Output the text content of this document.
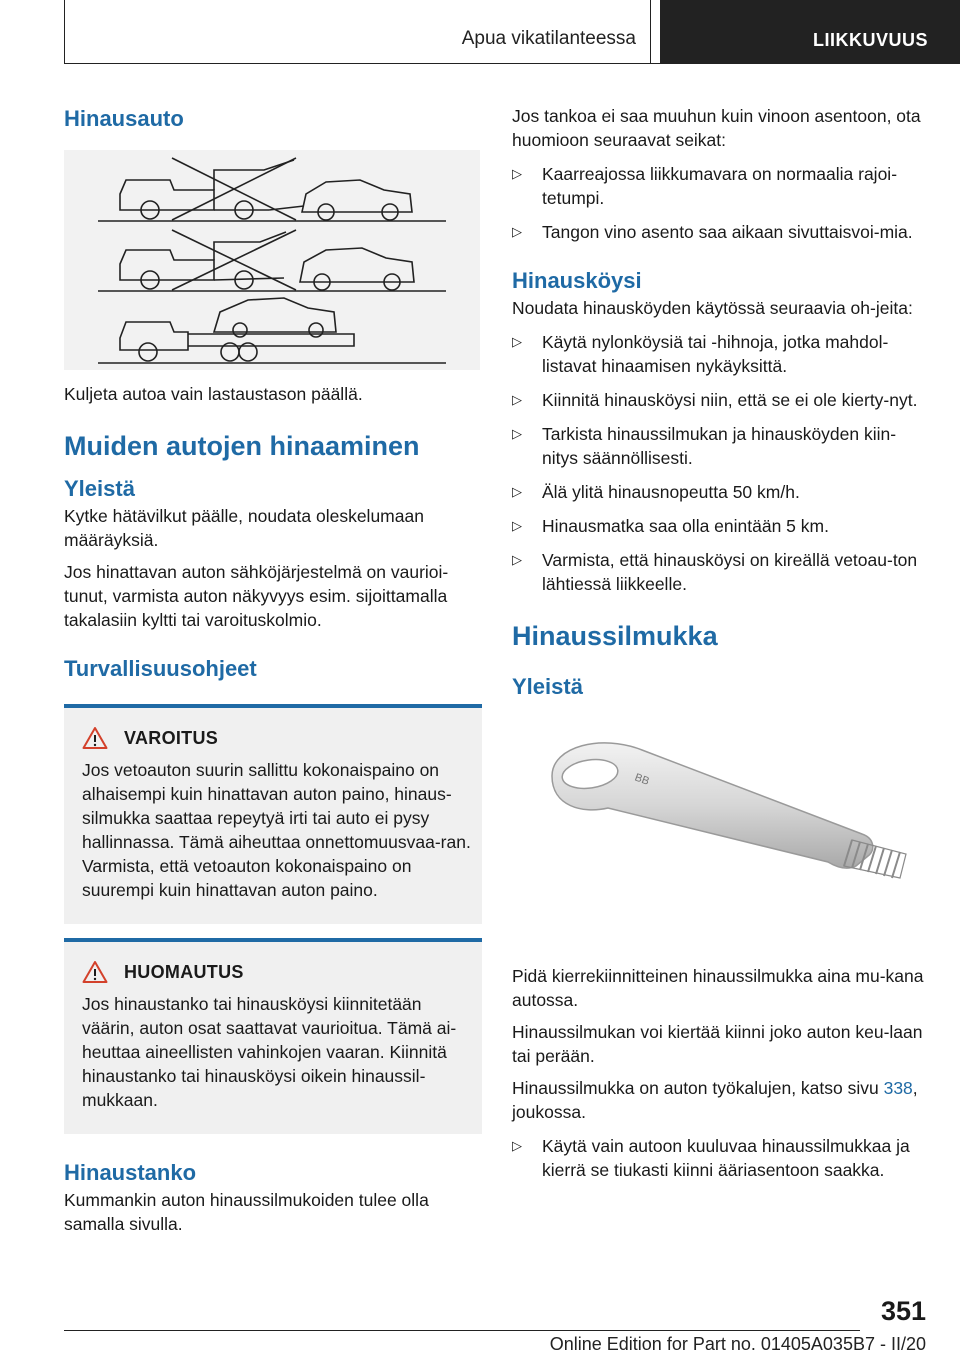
Apua vikatilanteessa	LIIKKUVUUS
Hinausauto

Kuljeta autoa vain lastaustason päällä.

Muiden autojen hinaaminen
Yleistä

Kytke hätävilkut päälle, noudata oleskelumaan määräyksiä.

Jos hinattavan auton sähköjärjestelmä on vaurioi-tunut, varmista auton näkyvyys esim. sijoittamalla takalasiin kyltti tai varoituskolmio.

Turvallisuusohjeet
VAROITUS

Jos vetoauton suurin sallittu kokonaispaino on alhaisempi kuin hinattavan auton paino, hinaus-silmukka saattaa repeytyä irti tai auto ei pysy hallinnassa. Tämä aiheuttaa onnettomuusvaa-ran. Varmista, että vetoauton kokonaispaino on suurempi kuin hinattavan auton paino.

HUOMAUTUS

Jos hinaustanko tai hinausköysi kiinnitetään väärin, auton osat saattavat vaurioitua. Tämä ai-heuttaa aineellisten vahinkojen vaaran. Kiinnitä hinaustanko tai hinausköysi oikein hinaussil-mukkaan.

Hinaustanko

Kummankin auton hinaussilmukoiden tulee olla samalla sivulla.

Jos tankoa ei saa muuhun kuin vinoon asentoon, ota huomioon seuraavat seikat:

▷ Kaarreajossa liikkumavara on normaalia rajoi-tetumpi.
▷ Tangon vino asento saa aikaan sivuttaisvoi-mia.
Hinausköysi

Noudata hinausköyden käytössä seuraavia oh-jeita:

▷ Käytä nylonköysiä tai -hihnoja, jotka mahdol-listavat hinaamisen nykäyksittä.
▷ Kiinnitä hinausköysi niin, että se ei ole kierty-nyt.
▷ Tarkista hinaussilmukan ja hinausköyden kiin-nitys säännöllisesti.
▷ Älä ylitä hinausnopeutta 50 km/h.
▷ Hinausmatka saa olla enintään 5 km.
▷ Varmista, että hinausköysi on kireällä vetoau-ton lähtiessä liikkeelle.
Hinaussilmukka
Yleistä
BB

Pidä kierrekiinnitteinen hinaussilmukka aina mu-kana autossa.

Hinaussilmukan voi kiertää kiinni joko auton keu-laan tai perään.

Hinaussilmukka on auton työkalujen, katso sivu 338, joukossa.

▷ Käytä vain autoon kuuluvaa hinaussilmukkaa ja kierrä se tiukasti kiinni ääriasentoon saakka.
351
Online Edition for Part no. 01405A035B7 - II/20
